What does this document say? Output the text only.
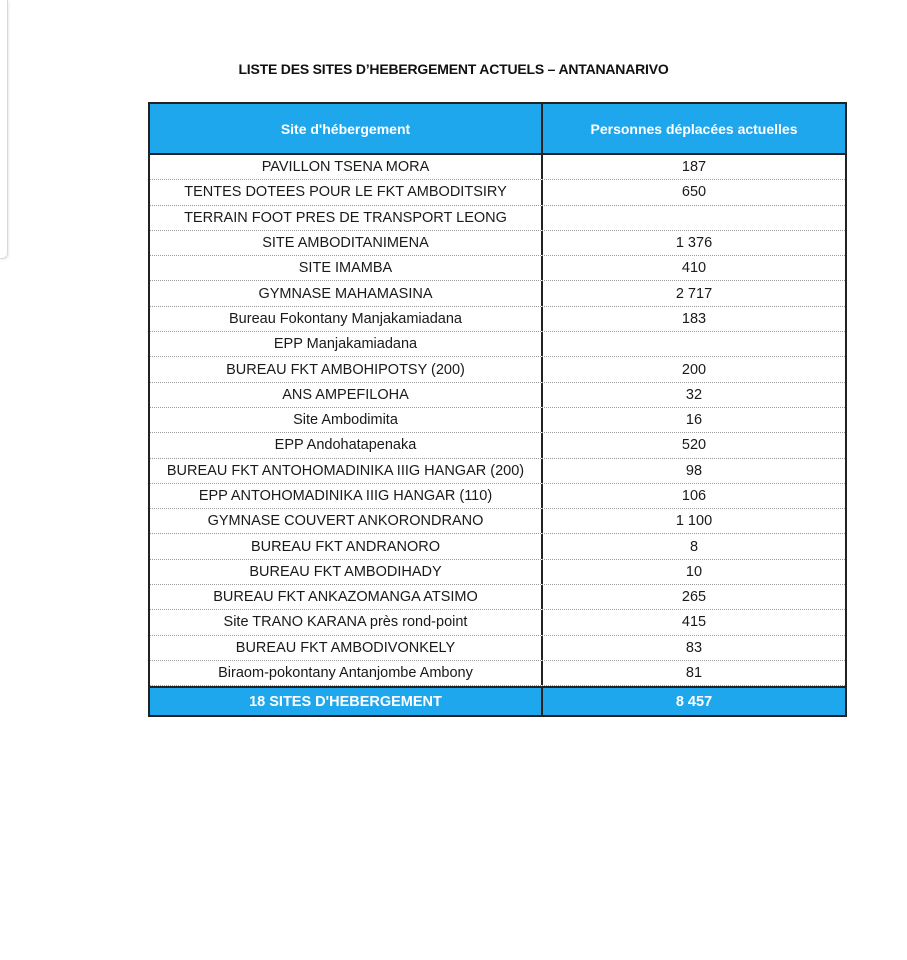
LISTE DES SITES D’HEBERGEMENT ACTUELS – ANTANANARIVO
Site d'hébergement	Personnes déplacées actuelles
PAVILLON TSENA MORA	187
TENTES DOTEES POUR LE FKT AMBODITSIRY	650
TERRAIN FOOT PRES DE TRANSPORT LEONG
SITE AMBODITANIMENA	1 376
SITE IMAMBA	410
GYMNASE MAHAMASINA	2 717
Bureau Fokontany Manjakamiadana	183
EPP Manjakamiadana
BUREAU FKT AMBOHIPOTSY (200)	200
ANS AMPEFILOHA	32
Site Ambodimita	16
EPP Andohatapenaka	520
BUREAU FKT ANTOHOMADINIKA IIIG HANGAR (200)	98
EPP ANTOHOMADINIKA IIIG HANGAR (110)	106
GYMNASE COUVERT ANKORONDRANO	1 100
BUREAU FKT ANDRANORO	8
BUREAU FKT AMBODIHADY	10
BUREAU FKT ANKAZOMANGA ATSIMO	265
Site TRANO KARANA près rond-point	415
BUREAU FKT AMBODIVONKELY	83
Biraom-pokontany Antanjombe Ambony	81
18 SITES D'HEBERGEMENT	8 457
